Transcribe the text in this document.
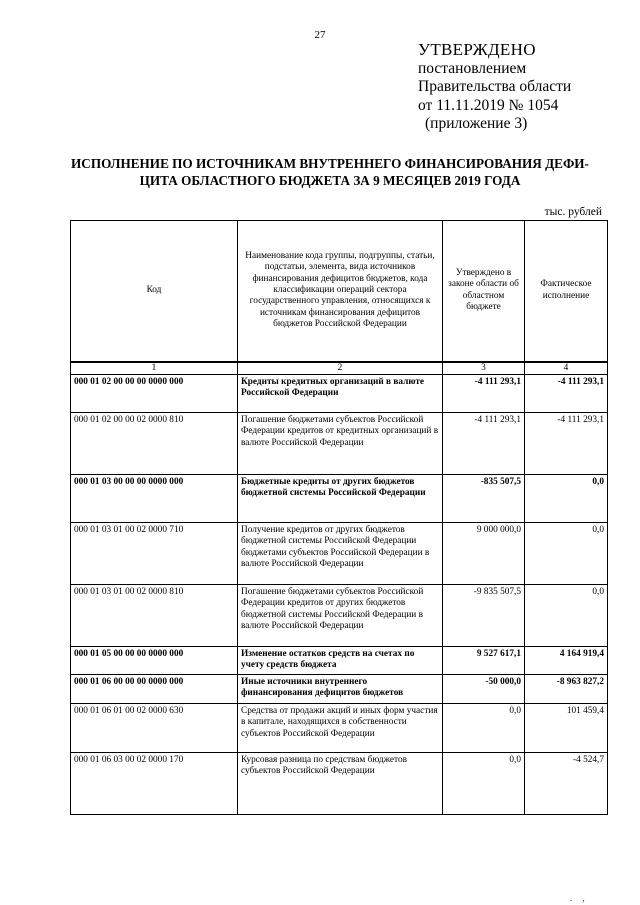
27
УТВЕРЖДЕНО
постановлением
Правительства области
от 11.11.2019 № 1054
(приложение 3)
ИСПОЛНЕНИЕ ПО ИСТОЧНИКАМ ВНУТРЕННЕГО ФИНАНСИРОВАНИЯ ДЕФИ-
ЦИТА ОБЛАСТНОГО БЮДЖЕТА ЗА 9 МЕСЯЦЕВ 2019 ГОДА
тыс. рублей
Код	Наименование кода группы, подгруппы, статьи, подстатьи, элемента, вида источников финансирования дефицитов бюджетов, кода классификации операций сектора государственного управления, относящихся к источникам финансирования дефицитов бюджетов Российской Федерации	Утверждено в законе области об областном бюджете	Фактическое исполнение
1	2	3	4
000 01 02 00 00 00 0000 000	Кредиты кредитных организаций в валюте Российской Федерации	-4 111 293,1	-4 111 293,1
000 01 02 00 00 02 0000 810	Погашение бюджетами субъектов Российской Федерации кредитов от кредитных организаций в валюте Российской Федерации	-4 111 293,1	-4 111 293,1
000 01 03 00 00 00 0000 000	Бюджетные кредиты от других бюджетов бюджетной системы Российской Федерации	-835 507,5	0,0
000 01 03 01 00 02 0000 710	Получение кредитов от других бюджетов бюджетной системы Российской Федерации бюджетами субъектов Российской Федерации в валюте Российской Федерации	9 000 000,0	0,0
000 01 03 01 00 02 0000 810	Погашение бюджетами субъектов Российской Федерации кредитов от других бюджетов бюджетной системы Российской Федерации в валюте Российской Федерации	-9 835 507,5	0,0
000 01 05 00 00 00 0000 000	Изменение остатков средств на счетах по учету средств бюджета	9 527 617,1	4 164 919,4
000 01 06 00 00 00 0000 000	Иные источники внутреннего финансирования дефицитов бюджетов	-50 000,0	-8 963 827,2
000 01 06 01 00 02 0000 630	Средства от продажи акций и иных форм участия в капитале, находящихся в собственности субъектов Российской Федерации	0,0	101 459,4
000 01 06 03 00 02 0000 170	Курсовая разница по средствам бюджетов субъектов Российской Федерации	0,0	-4 524,7
. ,
